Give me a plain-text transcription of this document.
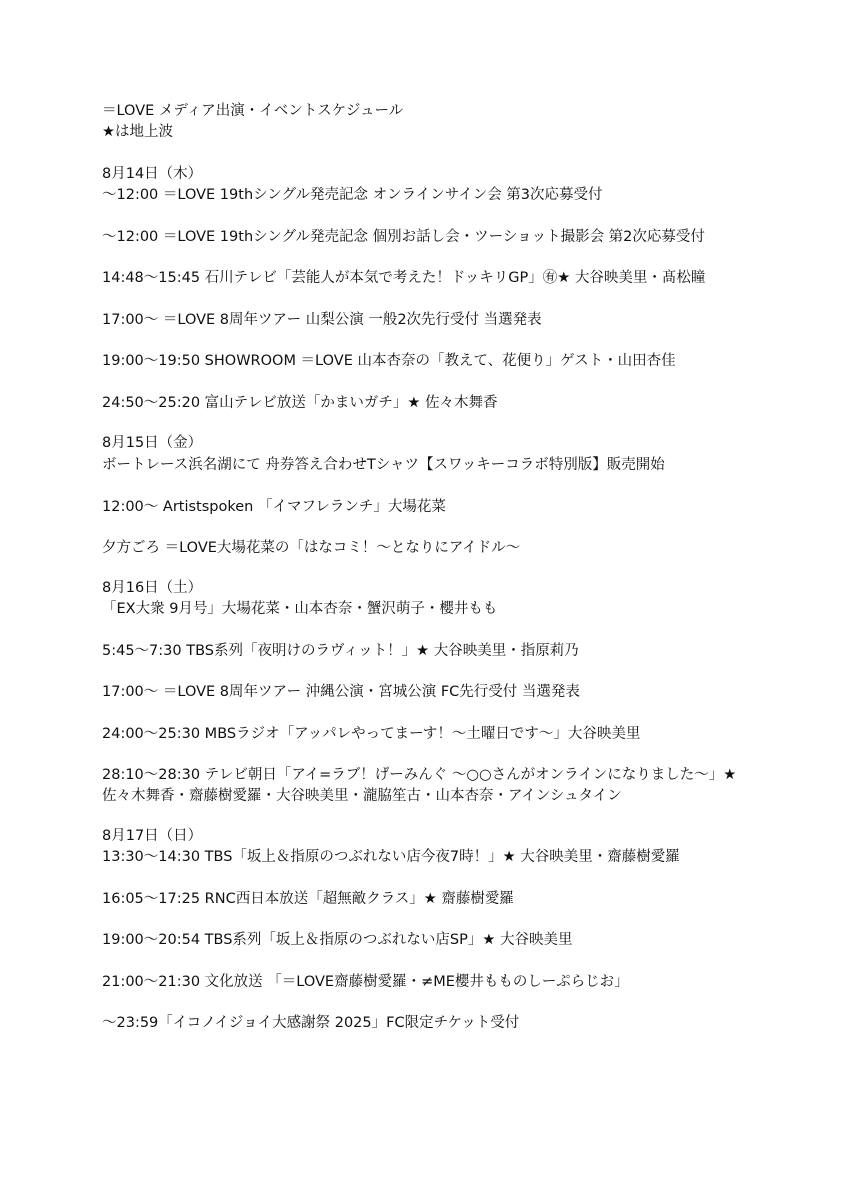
＝LOVE メディア出演・イベントスケジュール
★は地上波
8月14日（木）
〜12:00 ＝LOVE 19thシングル発売記念 オンラインサイン会 第3次応募受付
〜12:00 ＝LOVE 19thシングル発売記念 個別お話し会・ツーショット撮影会 第2次応募受付
14:48〜15:45 石川テレビ「芸能人が本気で考えた！ドッキリGP」㊒★ 大谷映美里・髙松瞳
17:00〜 ＝LOVE 8周年ツアー 山梨公演 一般2次先行受付 当選発表
19:00〜19:50 SHOWROOM ＝LOVE 山本杏奈の「教えて、花便り」ゲスト・山田杏佳
24:50〜25:20 富山テレビ放送「かまいガチ」★ 佐々木舞香
8月15日（金）
ボートレース浜名湖にて 舟券答え合わせTシャツ【スワッキーコラボ特別版】販売開始
12:00〜 Artistspoken 「イマフレランチ」大場花菜
夕方ごろ ＝LOVE大場花菜の「はなコミ！〜となりにアイドル〜
8月16日（土）
「EX大衆 9月号」大場花菜・山本杏奈・蟹沢萌子・櫻井もも
5:45〜7:30 TBS系列「夜明けのラヴィット！」★ 大谷映美里・指原莉乃
17:00〜 ＝LOVE 8周年ツアー 沖縄公演・宮城公演 FC先行受付 当選発表
24:00〜25:30 MBSラジオ「アッパレやってまーす！〜土曜日です〜」大谷映美里
28:10〜28:30 テレビ朝日「アイ=ラブ！げーみんぐ 〜○○さんがオンラインになりました〜」★
佐々木舞香・齋藤樹愛羅・大谷映美里・瀧脇笙古・山本杏奈・アインシュタイン
8月17日（日）
13:30〜14:30 TBS「坂上＆指原のつぶれない店今夜7時！」★ 大谷映美里・齋藤樹愛羅
16:05〜17:25 RNC西日本放送「超無敵クラス」★ 齋藤樹愛羅
19:00〜20:54 TBS系列「坂上＆指原のつぶれない店SP」★ 大谷映美里
21:00〜21:30 文化放送 「＝LOVE齋藤樹愛羅・≠ME櫻井もものしーぷらじお」
〜23:59「イコノイジョイ大感謝祭 2025」FC限定チケット受付
